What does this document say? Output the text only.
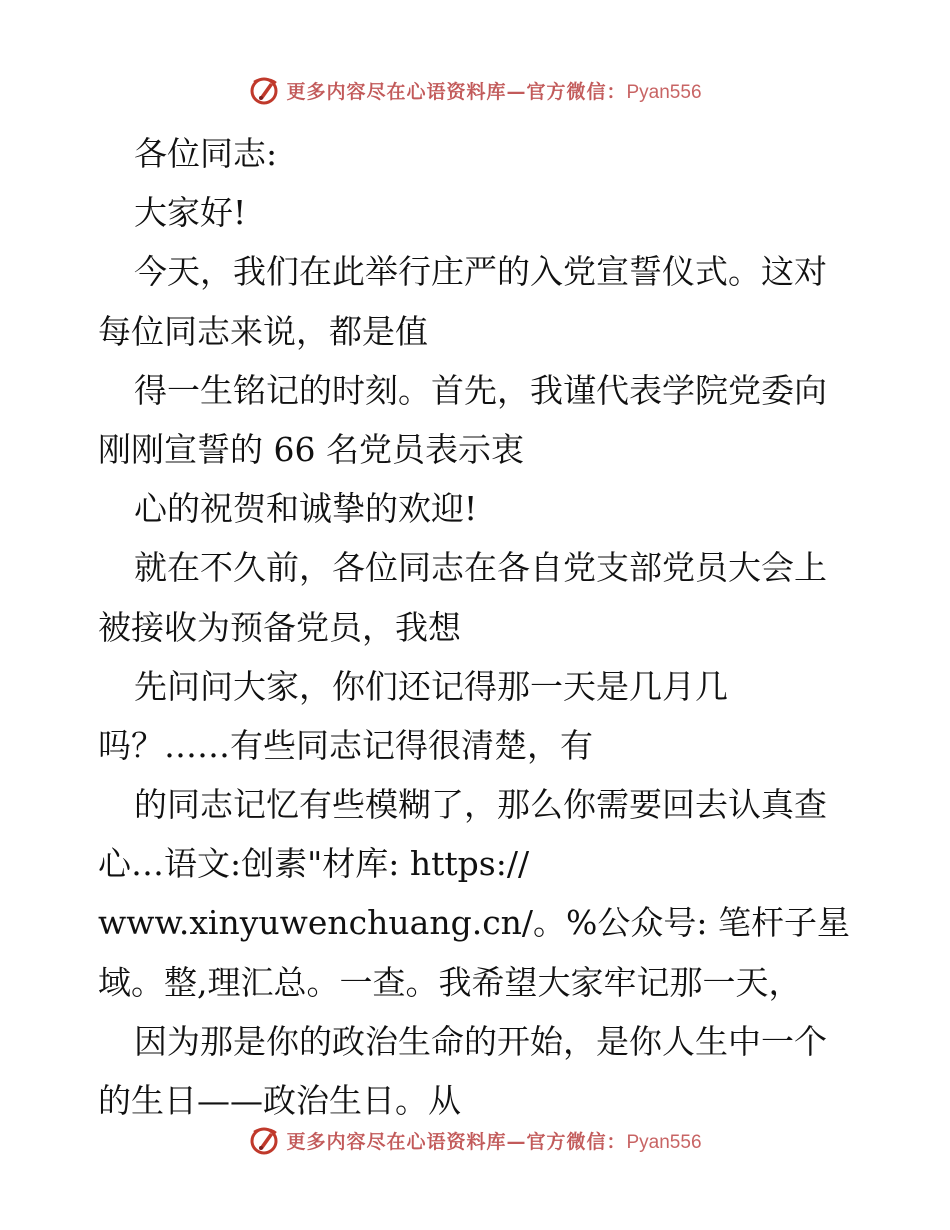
更多内容尽在心语资料库—官方微信：Pyan556
各位同志:
大家好!
今天，我们在此举行庄严的入党宣誓仪式。这对
每位同志来说，都是值
得一生铭记的时刻。首先，我谨代表学院党委向
刚刚宣誓的 66 名党员表示衷
心的祝贺和诚挚的欢迎!
就在不久前，各位同志在各自党支部党员大会上
被接收为预备党员，我想
先问问大家，你们还记得那一天是几月几
吗？……有些同志记得很清楚，有
的同志记忆有些模糊了，那么你需要回去认真查
心…语文:创素"材库: https://
www.xinyuwenchuang.cn/。%公众号: 笔杆子星
域。整,理汇总。一查。我希望大家牢记那一天，
因为那是你的政治生命的开始，是你人生中一个
的生日——政治生日。从
更多内容尽在心语资料库—官方微信：Pyan556
